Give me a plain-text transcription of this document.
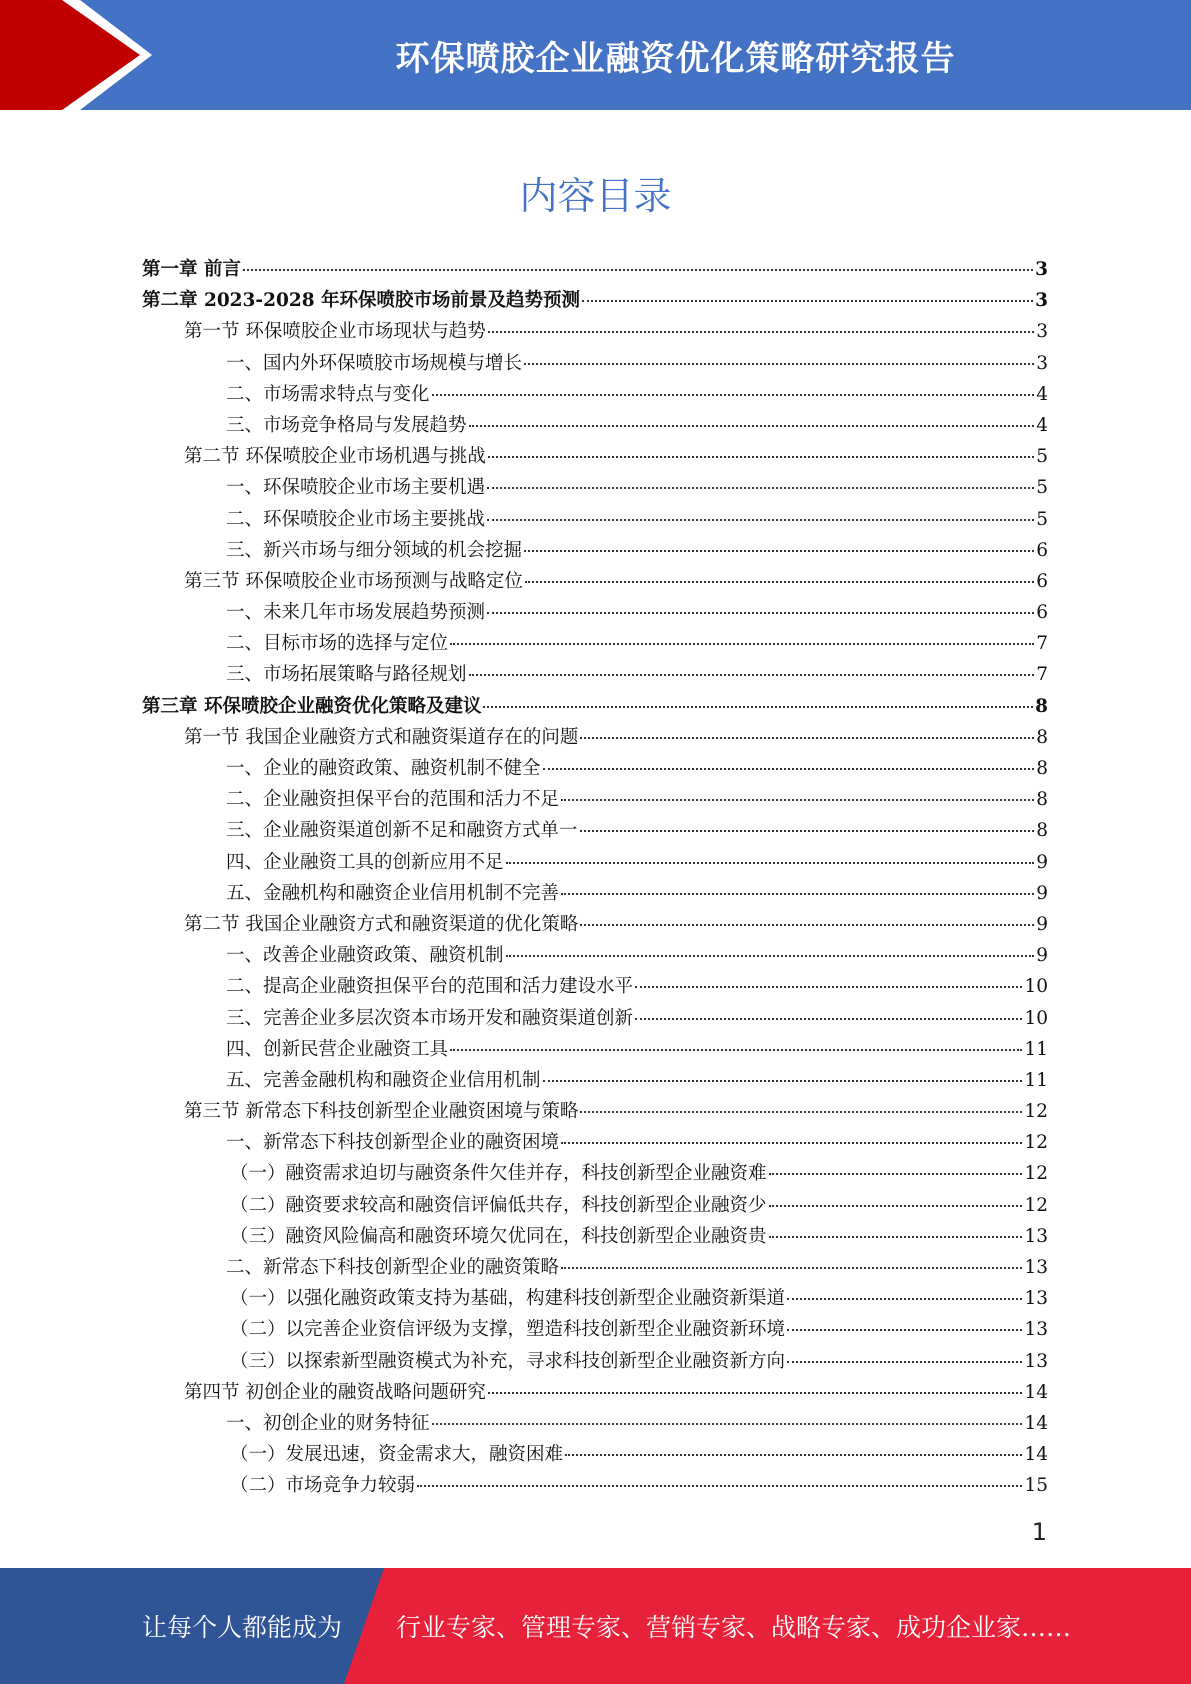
环保喷胶企业融资优化策略研究报告
内容目录
第一章 前言	3
第二章 2023-2028 年环保喷胶市场前景及趋势预测	3
第一节 环保喷胶企业市场现状与趋势	3
一、国内外环保喷胶市场规模与增长	3
二、市场需求特点与变化	4
三、市场竞争格局与发展趋势	4
第二节 环保喷胶企业市场机遇与挑战	5
一、环保喷胶企业市场主要机遇	5
二、环保喷胶企业市场主要挑战	5
三、新兴市场与细分领域的机会挖掘	6
第三节 环保喷胶企业市场预测与战略定位	6
一、未来几年市场发展趋势预测	6
二、目标市场的选择与定位	7
三、市场拓展策略与路径规划	7
第三章 环保喷胶企业融资优化策略及建议	8
第一节 我国企业融资方式和融资渠道存在的问题	8
一、企业的融资政策、融资机制不健全	8
二、企业融资担保平台的范围和活力不足	8
三、企业融资渠道创新不足和融资方式单一	8
四、企业融资工具的创新应用不足	9
五、金融机构和融资企业信用机制不完善	9
第二节 我国企业融资方式和融资渠道的优化策略	9
一、改善企业融资政策、融资机制	9
二、提高企业融资担保平台的范围和活力建设水平	10
三、完善企业多层次资本市场开发和融资渠道创新	10
四、创新民营企业融资工具	11
五、完善金融机构和融资企业信用机制	11
第三节 新常态下科技创新型企业融资困境与策略	12
一、新常态下科技创新型企业的融资困境	12
（一）融资需求迫切与融资条件欠佳并存，科技创新型企业融资难	12
（二）融资要求较高和融资信评偏低共存，科技创新型企业融资少	12
（三）融资风险偏高和融资环境欠优同在，科技创新型企业融资贵	13
二、新常态下科技创新型企业的融资策略	13
（一）以强化融资政策支持为基础，构建科技创新型企业融资新渠道	13
（二）以完善企业资信评级为支撑，塑造科技创新型企业融资新环境	13
（三）以探索新型融资模式为补充，寻求科技创新型企业融资新方向	13
第四节 初创企业的融资战略问题研究	14
一、初创企业的财务特征	14
（一）发展迅速，资金需求大，融资困难	14
（二）市场竞争力较弱	15
1
让每个人都能成为 行业专家、管理专家、营销专家、战略专家、成功企业家……
